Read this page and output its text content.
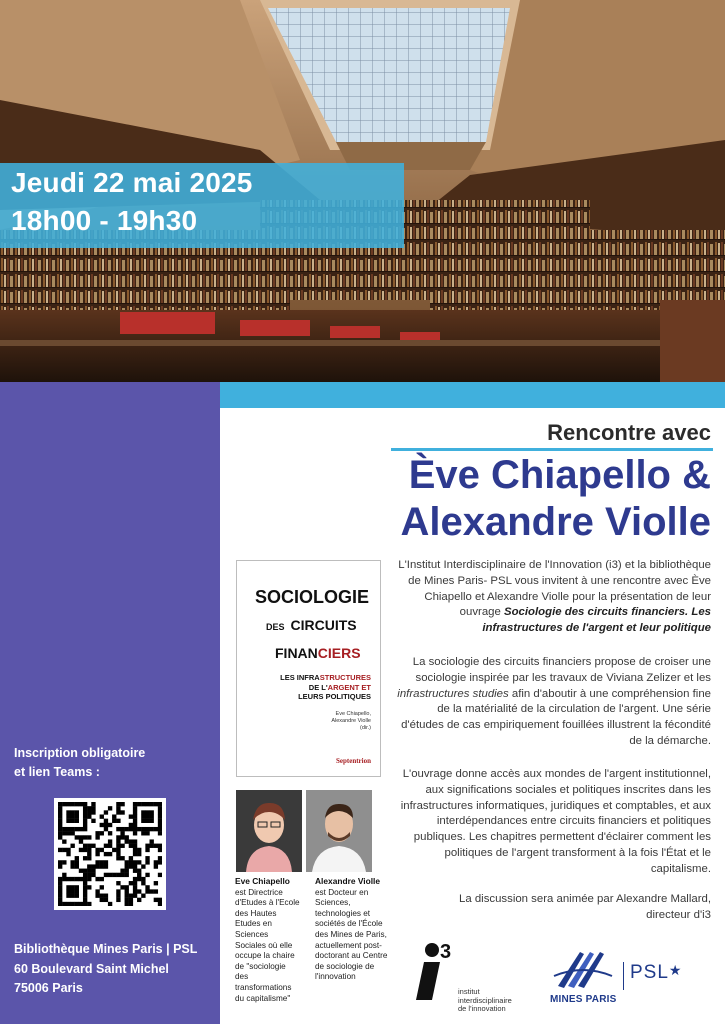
Jeudi 22 mai 2025
18h00 - 19h30
Inscription obligatoire
et lien Teams :
Bibliothèque Mines Paris | PSL
60 Boulevard Saint Michel
75006 Paris
Rencontre avec
Ève Chiapello &
Alexandre Violle
SOCIOLOGIE
DES CIRCUITS
FINANCIERS
LES INFRASTRUCTURES
DE L'ARGENT ET
LEURS POLITIQUES
Eve Chiapello,
Alexandre Violle
(dir.)
Septentrion
Eve Chiapello
est Directrice d'Etudes à l'Ecole des Hautes Etudes en Sciences Sociales où elle occupe la chaire de "sociologie des transformations du capitalisme"
Alexandre Violle
est Docteur en Sciences, technologies et sociétés de l'École des Mines de Paris, actuellement post-doctorant au Centre de sociologie de l'innovation
L'Institut Interdisciplinaire de l'Innovation (i3) et la bibliothèque de Mines Paris- PSL vous invitent à une rencontre avec Ève Chiapello et Alexandre Violle pour la présentation de leur ouvrage Sociologie des circuits financiers. Les infrastructures de l'argent et leur politique
La sociologie des circuits financiers propose de croiser une sociologie inspirée par les travaux de Viviana Zelizer et les infrastructures studies afin d'aboutir à une compréhension fine de la matérialité de la circulation de l'argent. Une série d'études de cas empiriquement fouillées illustrent la fécondité de la démarche.
L'ouvrage donne accès aux mondes de l'argent institutionnel, aux significations sociales et politiques inscrites dans les infrastructures informatiques, juridiques et comptables, et aux interdépendances entre circuits financiers et politiques publiques. Les chapitres permettent d'éclairer comment les politiques de l'argent transforment à la fois l'État et le capitalisme.
La discussion sera animée par Alexandre Mallard,
directeur d'i3
3
institut
interdisciplinaire
de l'innovation
MINES PARIS
PSL★
